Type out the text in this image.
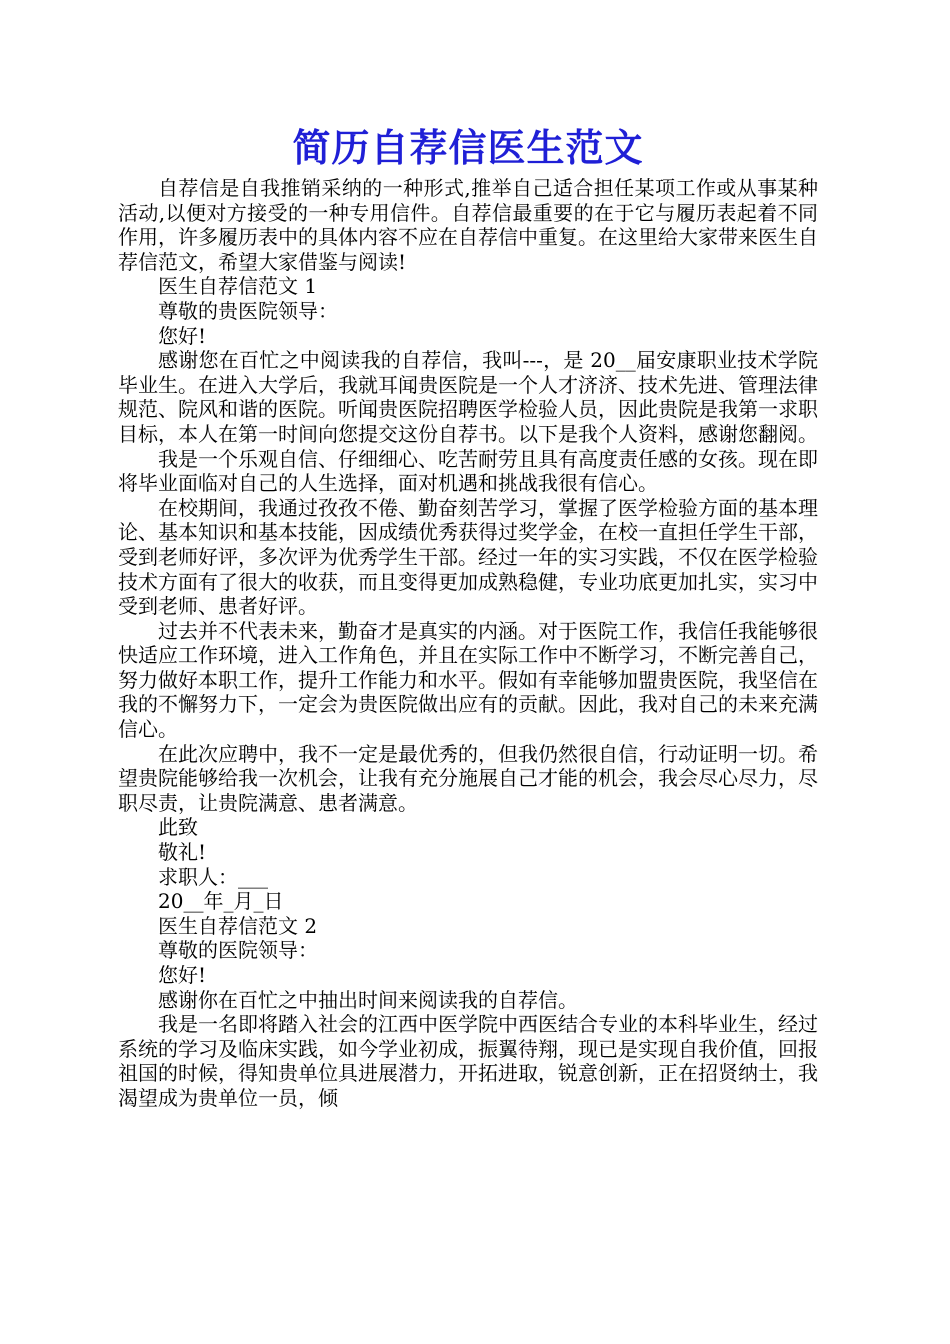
简历自荐信医生范文

自荐信是自我推销采纳的一种形式,推举自己适合担任某项工作或从事某种活动,以便对方接受的一种专用信件。自荐信最重要的在于它与履历表起着不同作用，许多履历表中的具体内容不应在自荐信中重复。在这里给大家带来医生自荐信范文，希望大家借鉴与阅读!

医生自荐信范文 1

尊敬的贵医院领导：

您好!

感谢您在百忙之中阅读我的自荐信，我叫---，是 20__届安康职业技术学院毕业生。在进入大学后，我就耳闻贵医院是一个人才济济、技术先进、管理法律规范、院风和谐的医院。听闻贵医院招聘医学检验人员，因此贵院是我第一求职目标，本人在第一时间向您提交这份自荐书。以下是我个人资料，感谢您翻阅。

我是一个乐观自信、仔细细心、吃苦耐劳且具有高度责任感的女孩。现在即将毕业面临对自己的人生选择，面对机遇和挑战我很有信心。

在校期间，我通过孜孜不倦、勤奋刻苦学习，掌握了医学检验方面的基本理论、基本知识和基本技能，因成绩优秀获得过奖学金，在校一直担任学生干部，受到老师好评，多次评为优秀学生干部。经过一年的实习实践，不仅在医学检验技术方面有了很大的收获，而且变得更加成熟稳健，专业功底更加扎实，实习中受到老师、患者好评。

过去并不代表未来，勤奋才是真实的内涵。对于医院工作，我信任我能够很快适应工作环境，进入工作角色，并且在实际工作中不断学习，不断完善自己，努力做好本职工作，提升工作能力和水平。假如有幸能够加盟贵医院，我坚信在我的不懈努力下，一定会为贵医院做出应有的贡献。因此，我对自己的未来充满信心。

在此次应聘中，我不一定是最优秀的，但我仍然很自信，行动证明一切。希望贵院能够给我一次机会，让我有充分施展自己才能的机会，我会尽心尽力，尽职尽责，让贵院满意、患者满意。

此致

敬礼!

求职人：___

20__年_月_日

医生自荐信范文 2

尊敬的医院领导：

您好!

感谢你在百忙之中抽出时间来阅读我的自荐信。

我是一名即将踏入社会的江西中医学院中西医结合专业的本科毕业生，经过系统的学习及临床实践，如今学业初成，振翼待翔，现已是实现自我价值，回报祖国的时候，得知贵单位具进展潜力，开拓进取，锐意创新，正在招贤纳士，我渴望成为贵单位一员，倾
